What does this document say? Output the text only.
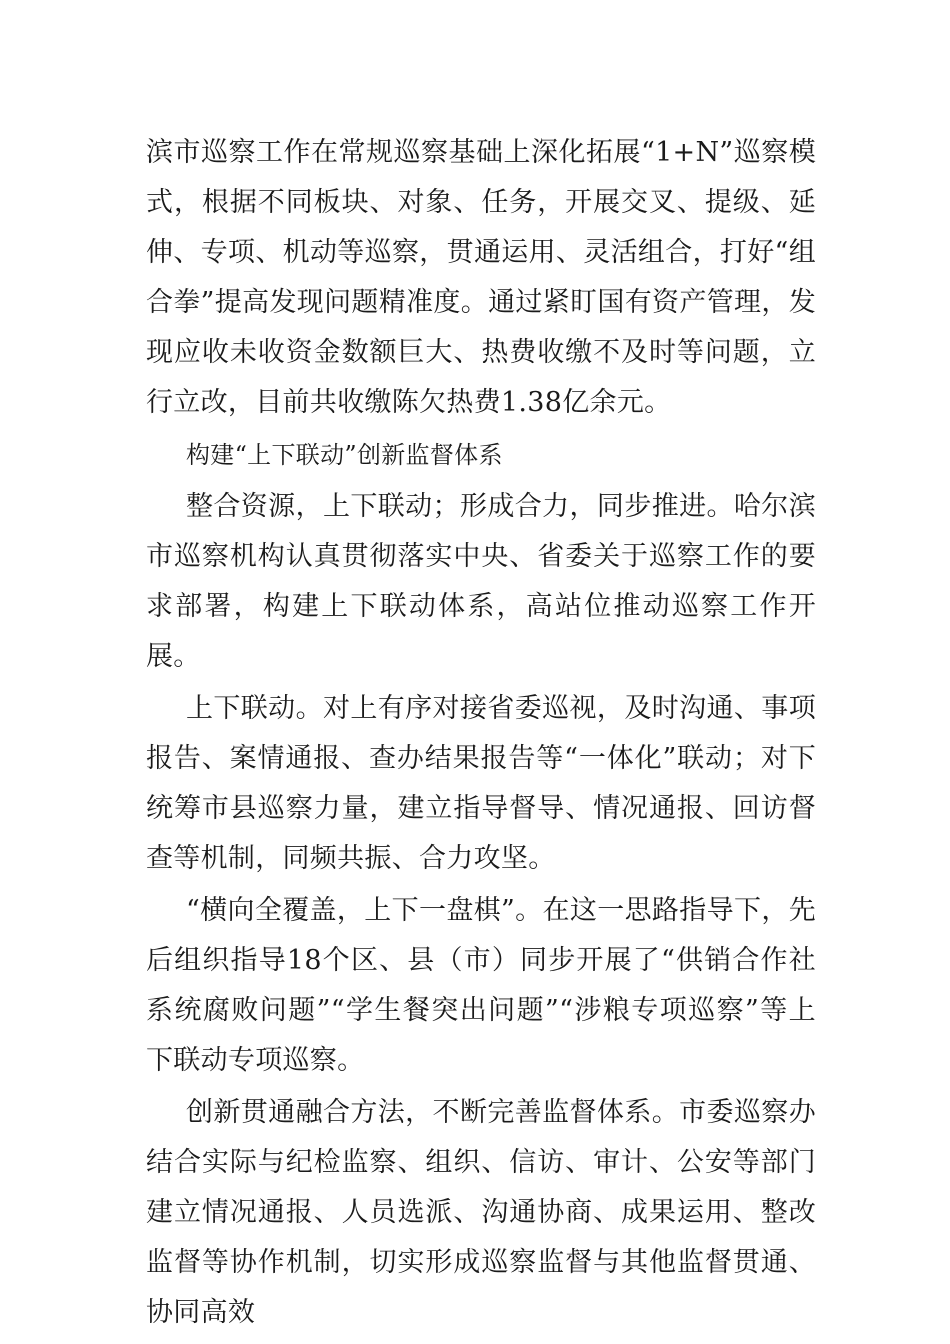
滨市巡察工作在常规巡察基础上深化拓展“1+N”巡察模式，根据不同板块、对象、任务，开展交叉、提级、延伸、专项、机动等巡察，贯通运用、灵活组合，打好“组合拳”提高发现问题精准度。通过紧盯国有资产管理，发现应收未收资金数额巨大、热费收缴不及时等问题，立行立改，目前共收缴陈欠热费1.38亿余元。

构建“上下联动”创新监督体系

整合资源，上下联动；形成合力，同步推进。哈尔滨市巡察机构认真贯彻落实中央、省委关于巡察工作的要求部署，构建上下联动体系，高站位推动巡察工作开展。

上下联动。对上有序对接省委巡视，及时沟通、事项报告、案情通报、查办结果报告等“一体化”联动；对下统筹市县巡察力量，建立指导督导、情况通报、回访督查等机制，同频共振、合力攻坚。

“横向全覆盖，上下一盘棋”。在这一思路指导下，先后组织指导18个区、县（市）同步开展了“供销合作社系统腐败问题”“学生餐突出问题”“涉粮专项巡察”等上下联动专项巡察。

创新贯通融合方法，不断完善监督体系。市委巡察办结合实际与纪检监察、组织、信访、审计、公安等部门建立情况通报、人员选派、沟通协商、成果运用、整改监督等协作机制，切实形成巡察监督与其他监督贯通、协同高效
